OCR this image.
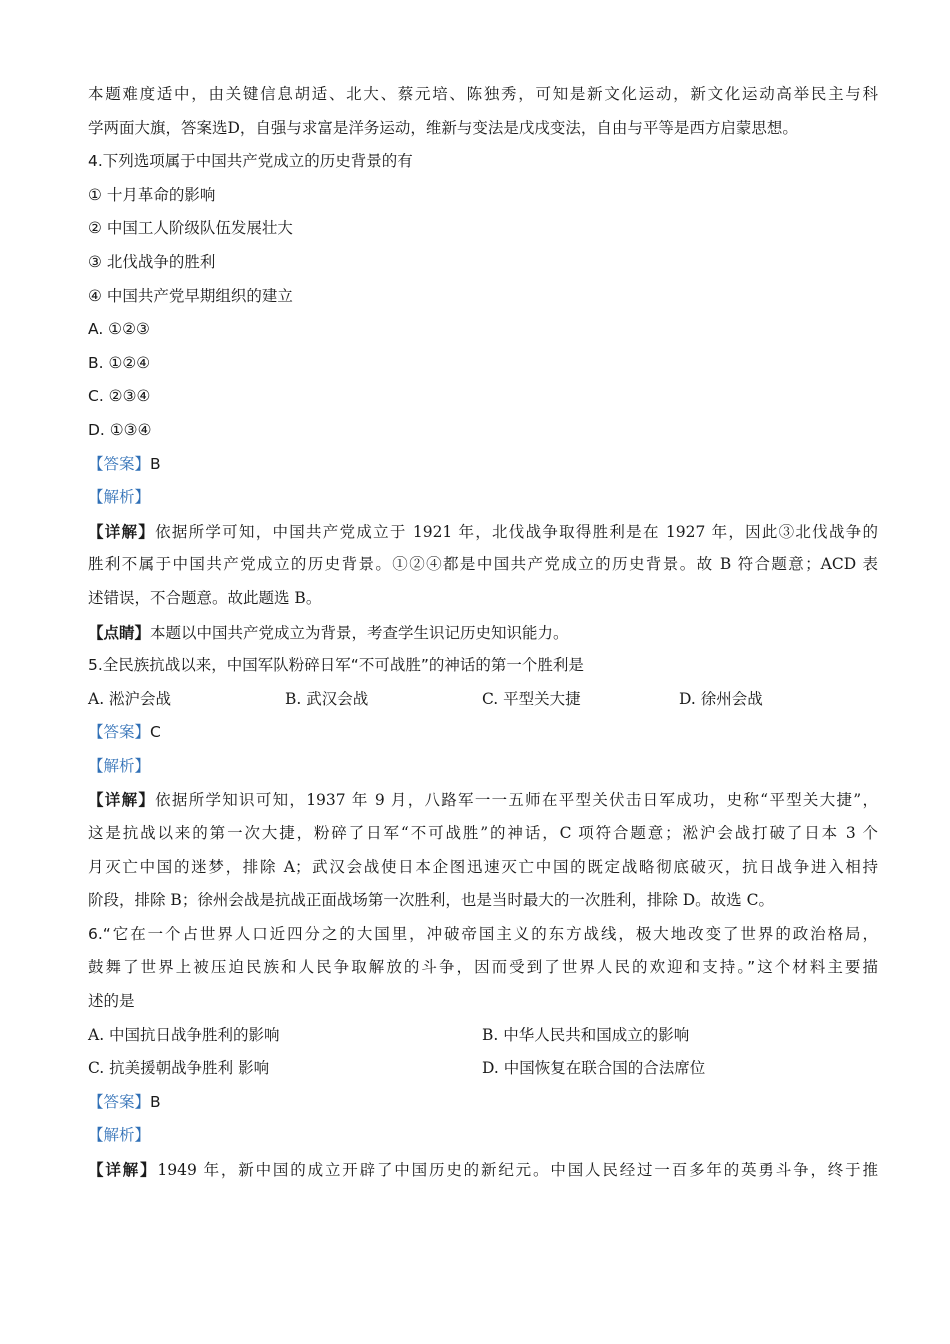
本题难度适中，由关键信息胡适、北大、蔡元培、陈独秀，可知是新文化运动，新文化运动高举民主与科
学两面大旗，答案选D，自强与求富是洋务运动，维新与变法是戊戌变法，自由与平等是西方启蒙思想。
4.下列选项属于中国共产党成立的历史背景的有
① 十月革命的影响
② 中国工人阶级队伍发展壮大
③ 北伐战争的胜利
④ 中国共产党早期组织的建立
A. ①②③
B. ①②④
C. ②③④
D. ①③④
【答案】B
【解析】
【详解】依据所学可知，中国共产党成立于 1921 年，北伐战争取得胜利是在 1927 年，因此③北伐战争的
胜利不属于中国共产党成立的历史背景。①②④都是中国共产党成立的历史背景。故 B 符合题意；ACD 表
述错误，不合题意。故此题选 B。
【点睛】本题以中国共产党成立为背景，考查学生识记历史知识能力。
5.全民族抗战以来，中国军队粉碎日军“不可战胜”的神话的第一个胜利是
A. 淞沪会战	B. 武汉会战	C. 平型关大捷	D. 徐州会战
【答案】C
【解析】
【详解】依据所学知识可知，1937 年 9 月，八路军一一五师在平型关伏击日军成功，史称“平型关大捷”，
这是抗战以来的第一次大捷，粉碎了日军“不可战胜”的神话，C 项符合题意；淞沪会战打破了日本 3 个
月灭亡中国的迷梦，排除 A；武汉会战使日本企图迅速灭亡中国的既定战略彻底破灭，抗日战争进入相持
阶段，排除 B；徐州会战是抗战正面战场第一次胜利，也是当时最大的一次胜利，排除 D。故选 C。
6.“它在一个占世界人口近四分之的大国里，冲破帝国主义的东方战线，极大地改变了世界的政治格局，
鼓舞了世界上被压迫民族和人民争取解放的斗争，因而受到了世界人民的欢迎和支持。”这个材料主要描
述的是
A. 中国抗日战争胜利的影响	B. 中华人民共和国成立的影响
C. 抗美援朝战争胜利 影响	D. 中国恢复在联合国的合法席位
【答案】B
【解析】
【详解】1949 年，新中国的成立开辟了中国历史的新纪元。中国人民经过一百多年的英勇斗争，终于推
